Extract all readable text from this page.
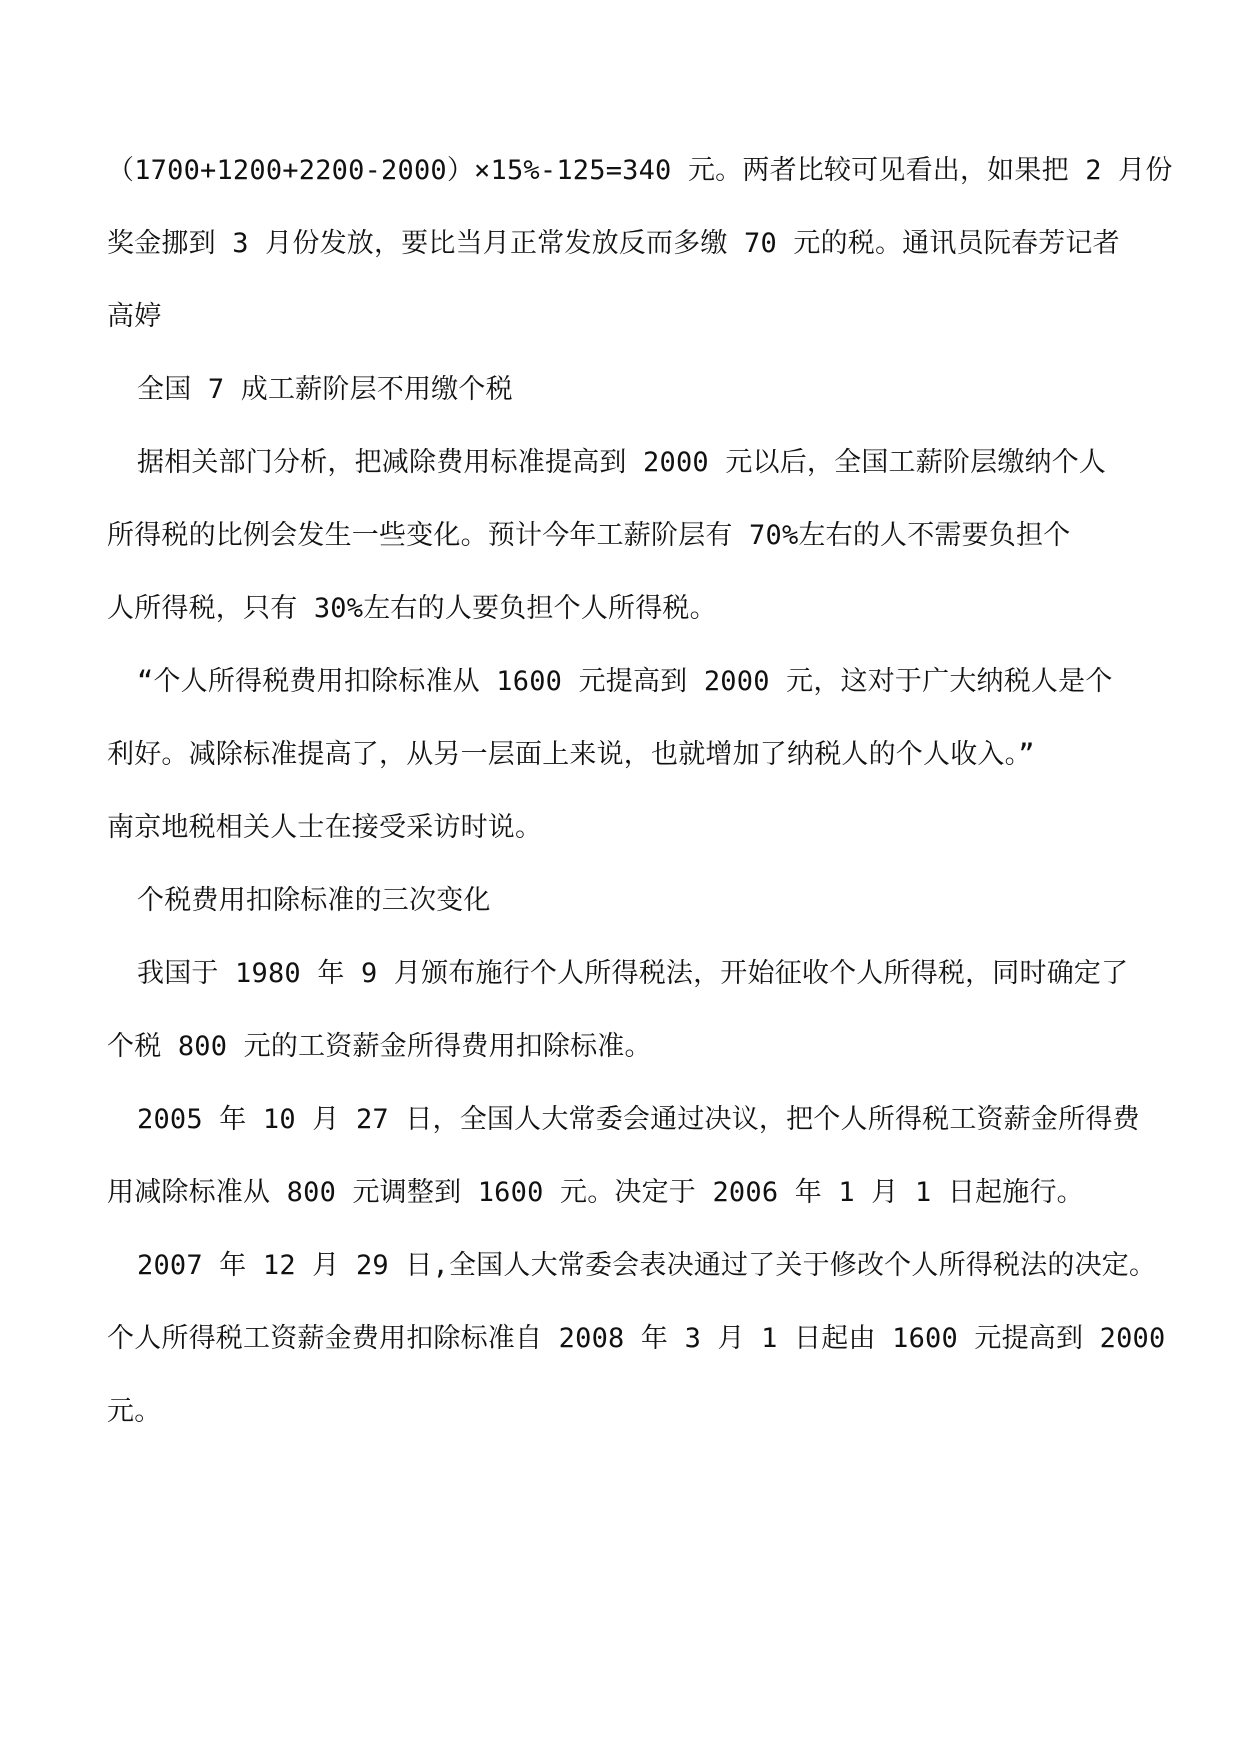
（1700+1200+2200-2000）×15%-125=340 元。两者比较可见看出，如果把 2 月份
奖金挪到 3 月份发放，要比当月正常发放反而多缴 70 元的税。通讯员阮春芳记者
高婷
全国 7 成工薪阶层不用缴个税
据相关部门分析，把减除费用标准提高到 2000 元以后，全国工薪阶层缴纳个人
所得税的比例会发生一些变化。预计今年工薪阶层有 70%左右的人不需要负担个
人所得税，只有 30%左右的人要负担个人所得税。
“个人所得税费用扣除标准从 1600 元提高到 2000 元，这对于广大纳税人是个
利好。减除标准提高了，从另一层面上来说，也就增加了纳税人的个人收入。”
南京地税相关人士在接受采访时说。
个税费用扣除标准的三次变化
我国于 1980 年 9 月颁布施行个人所得税法，开始征收个人所得税，同时确定了
个税 800 元的工资薪金所得费用扣除标准。
2005 年 10 月 27 日，全国人大常委会通过决议，把个人所得税工资薪金所得费
用减除标准从 800 元调整到 1600 元。决定于 2006 年 1 月 1 日起施行。
2007 年 12 月 29 日,全国人大常委会表决通过了关于修改个人所得税法的决定。
个人所得税工资薪金费用扣除标准自 2008 年 3 月 1 日起由 1600 元提高到 2000
元。
